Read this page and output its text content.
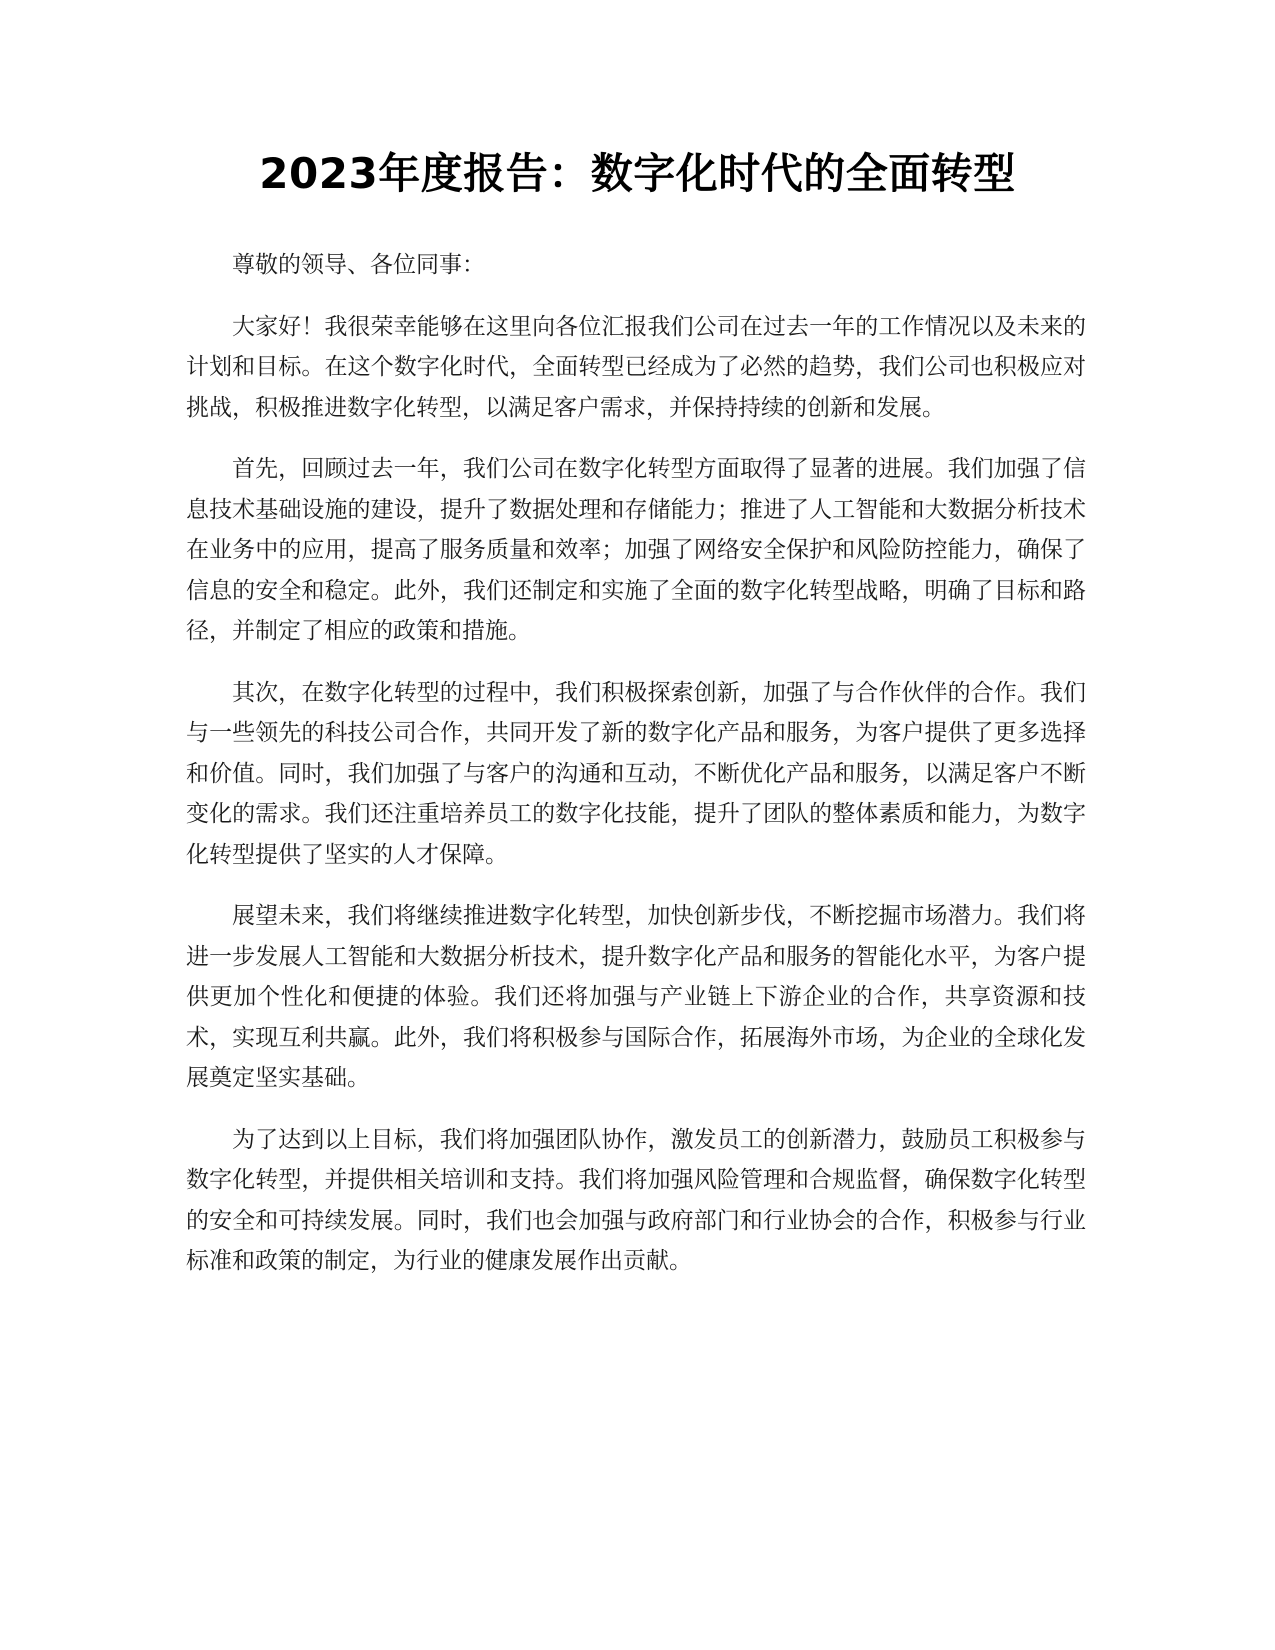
2023年度报告：数字化时代的全面转型

尊敬的领导、各位同事：

大家好！我很荣幸能够在这里向各位汇报我们公司在过去一年的工作情况以及未来的计划和目标。在这个数字化时代，全面转型已经成为了必然的趋势，我们公司也积极应对挑战，积极推进数字化转型，以满足客户需求，并保持持续的创新和发展。

首先，回顾过去一年，我们公司在数字化转型方面取得了显著的进展。我们加强了信息技术基础设施的建设，提升了数据处理和存储能力；推进了人工智能和大数据分析技术在业务中的应用，提高了服务质量和效率；加强了网络安全保护和风险防控能力，确保了信息的安全和稳定。此外，我们还制定和实施了全面的数字化转型战略，明确了目标和路径，并制定了相应的政策和措施。

其次，在数字化转型的过程中，我们积极探索创新，加强了与合作伙伴的合作。我们与一些领先的科技公司合作，共同开发了新的数字化产品和服务，为客户提供了更多选择和价值。同时，我们加强了与客户的沟通和互动，不断优化产品和服务，以满足客户不断变化的需求。我们还注重培养员工的数字化技能，提升了团队的整体素质和能力，为数字化转型提供了坚实的人才保障。

展望未来，我们将继续推进数字化转型，加快创新步伐，不断挖掘市场潜力。我们将进一步发展人工智能和大数据分析技术，提升数字化产品和服务的智能化水平，为客户提供更加个性化和便捷的体验。我们还将加强与产业链上下游企业的合作，共享资源和技术，实现互利共赢。此外，我们将积极参与国际合作，拓展海外市场，为企业的全球化发展奠定坚实基础。

为了达到以上目标，我们将加强团队协作，激发员工的创新潜力，鼓励员工积极参与数字化转型，并提供相关培训和支持。我们将加强风险管理和合规监督，确保数字化转型的安全和可持续发展。同时，我们也会加强与政府部门和行业协会的合作，积极参与行业标准和政策的制定，为行业的健康发展作出贡献。
